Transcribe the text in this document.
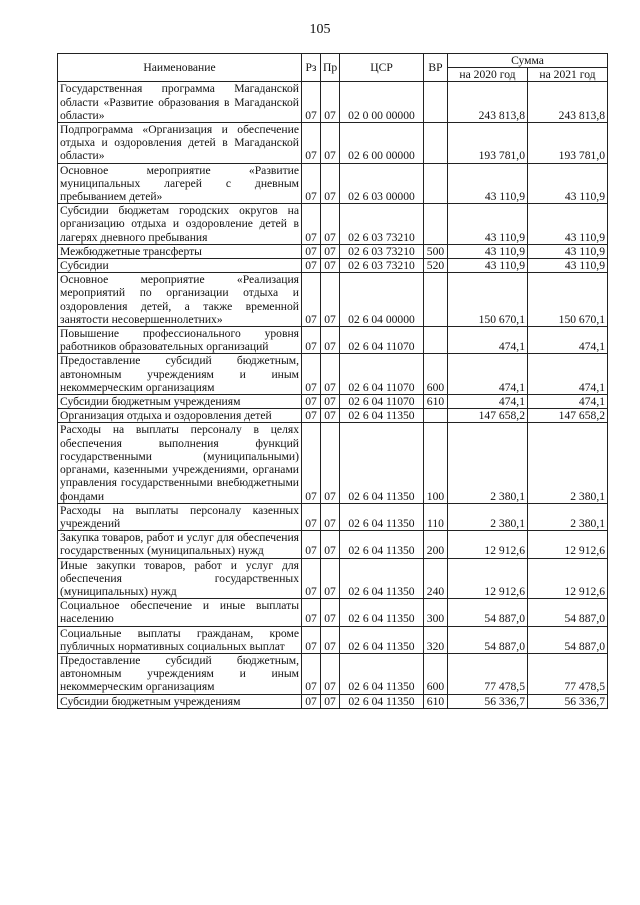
105
Наименование	Рз	Пр	ЦСР	ВР	Сумма	
					на 2020 год	на 2021 год
Государственная программа Магаданской области «Развитие образования в Магаданской области»	07	07	02 0 00 00000		243 813,8	243 813,8
Подпрограмма «Организация и обеспечение отдыха и оздоровления детей в Магаданской области»	07	07	02 6 00 00000		193 781,0	193 781,0
Основное мероприятие «Развитие муниципальных лагерей с дневным пребыванием детей»	07	07	02 6 03 00000		43 110,9	43 110,9
Субсидии бюджетам городских округов на организацию отдыха и оздоровление детей в лагерях дневного пребывания	07	07	02 6 03 73210		43 110,9	43 110,9
Межбюджетные трансферты	07	07	02 6 03 73210	500	43 110,9	43 110,9
Субсидии	07	07	02 6 03 73210	520	43 110,9	43 110,9
Основное мероприятие «Реализация мероприятий по организации отдыха и оздоровления детей, а также временной занятости несовершеннолетних»	07	07	02 6 04 00000		150 670,1	150 670,1
Повышение профессионального уровня работников образовательных организаций	07	07	02 6 04 11070		474,1	474,1
Предоставление субсидий бюджетным, автономным учреждениям и иным некоммерческим организациям	07	07	02 6 04 11070	600	474,1	474,1
Субсидии бюджетным учреждениям	07	07	02 6 04 11070	610	474,1	474,1
Организация отдыха и оздоровления детей	07	07	02 6 04 11350		147 658,2	147 658,2
Расходы на выплаты персоналу в целях обеспечения выполнения функций государственными (муниципальными) органами, казенными учреждениями, органами управления государственными внебюджетными фондами	07	07	02 6 04 11350	100	2 380,1	2 380,1
Расходы на выплаты персоналу казенных учреждений	07	07	02 6 04 11350	110	2 380,1	2 380,1
Закупка товаров, работ и услуг для обеспечения государственных (муниципальных) нужд	07	07	02 6 04 11350	200	12 912,6	12 912,6
Иные закупки товаров, работ и услуг для обеспечения государственных (муниципальных) нужд	07	07	02 6 04 11350	240	12 912,6	12 912,6
Социальное обеспечение и иные выплаты населению	07	07	02 6 04 11350	300	54 887,0	54 887,0
Социальные выплаты гражданам, кроме публичных нормативных социальных выплат	07	07	02 6 04 11350	320	54 887,0	54 887,0
Предоставление субсидий бюджетным, автономным учреждениям и иным некоммерческим организациям	07	07	02 6 04 11350	600	77 478,5	77 478,5
Субсидии бюджетным учреждениям	07	07	02 6 04 11350	610	56 336,7	56 336,7
